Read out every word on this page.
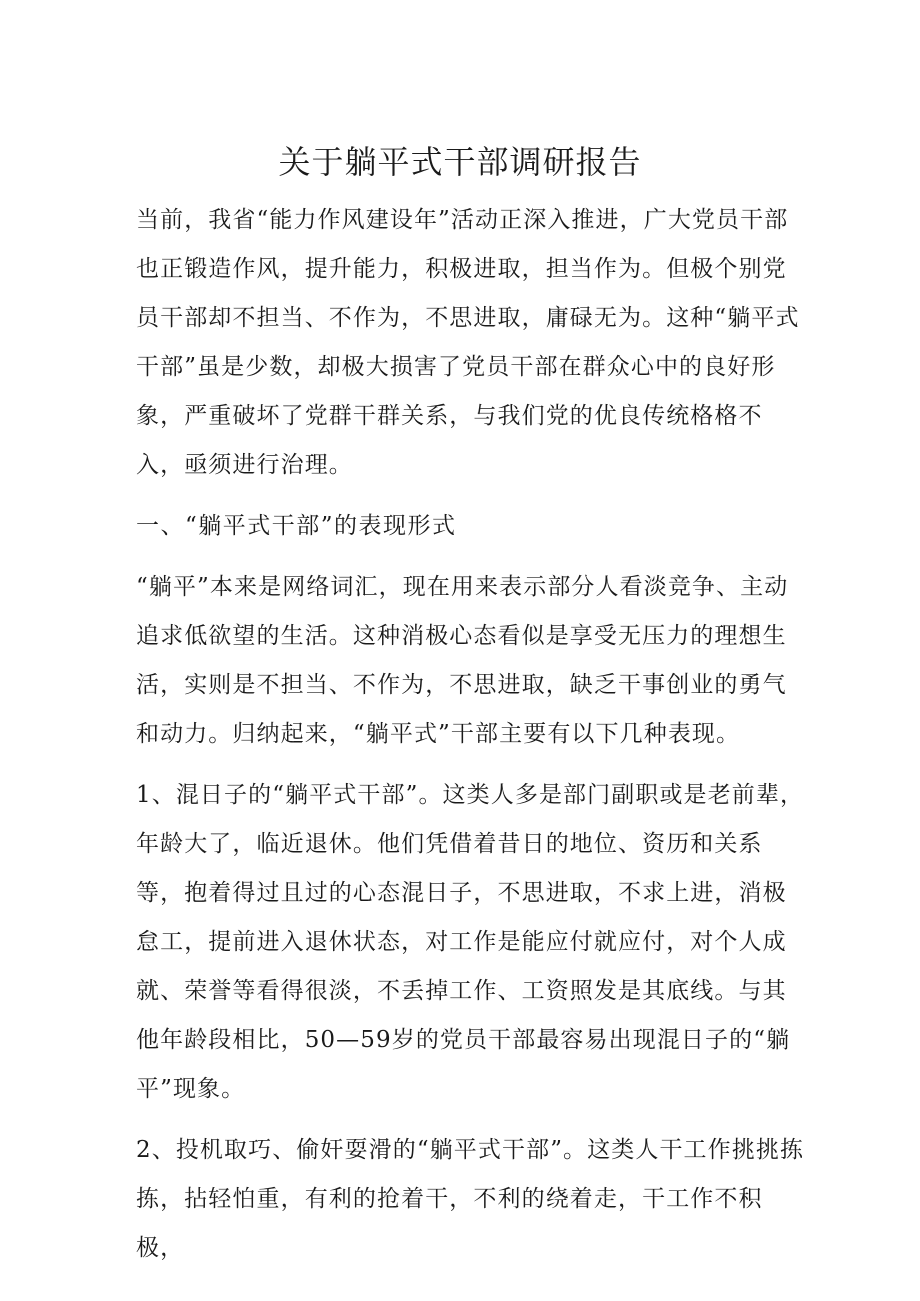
关于躺平式干部调研报告

当前，我省“能力作风建设年”活动正深入推进，广大党员干部也正锻造作风，提升能力，积极进取，担当作为。但极个别党员干部却不担当、不作为，不思进取，庸碌无为。这种“躺平式干部”虽是少数，却极大损害了党员干部在群众心中的良好形象，严重破坏了党群干群关系，与我们党的优良传统格格不入，亟须进行治理。

一、“躺平式干部”的表现形式

“躺平”本来是网络词汇，现在用来表示部分人看淡竞争、主动追求低欲望的生活。这种消极心态看似是享受无压力的理想生活，实则是不担当、不作为，不思进取，缺乏干事创业的勇气和动力。归纳起来，“躺平式”干部主要有以下几种表现。

1、混日子的“躺平式干部”。这类人多是部门副职或是老前辈，年龄大了，临近退休。他们凭借着昔日的地位、资历和关系等，抱着得过且过的心态混日子，不思进取，不求上进，消极怠工，提前进入退休状态，对工作是能应付就应付，对个人成就、荣誉等看得很淡，不丢掉工作、工资照发是其底线。与其他年龄段相比，50—59岁的党员干部最容易出现混日子的“躺平”现象。

2、投机取巧、偷奸耍滑的“躺平式干部”。这类人干工作挑挑拣拣，拈轻怕重，有利的抢着干，不利的绕着走，干工作不积极，
